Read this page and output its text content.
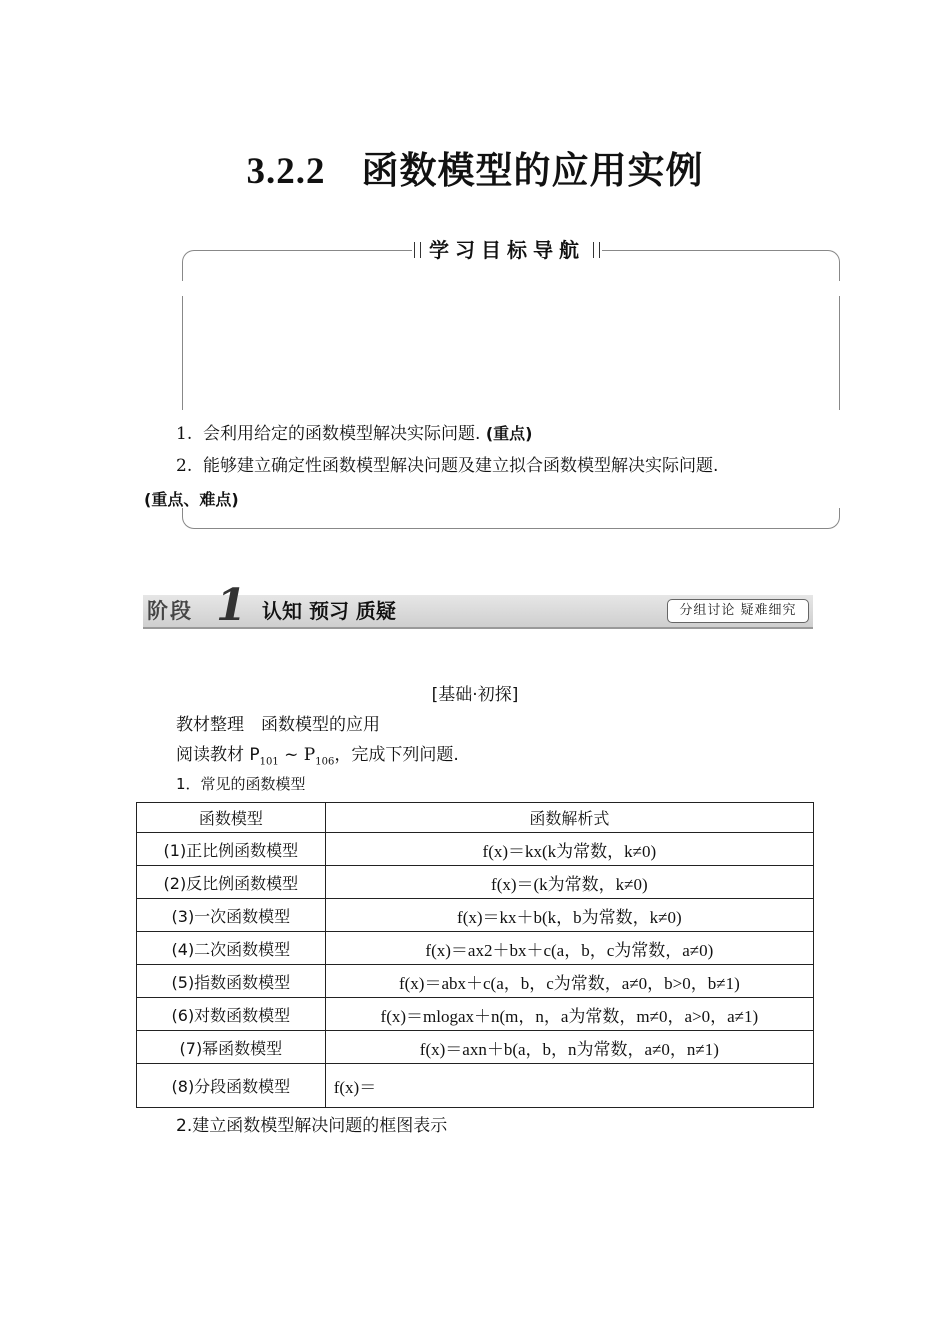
3.2.2 函数模型的应用实例
学习目标导航
1. 会利用给定的函数模型解决实际问题. (重点)
2. 能够建立确定性函数模型解决问题及建立拟合函数模型解决实际问题.
(重点、难点)
阶段 1 认知 预习 质疑	分组讨论 疑难细究
[基础·初探]
教材整理　函数模型的应用
阅读教材 $P_{101}$ ~ $P_{106}$，完成下列问题.
1．常见的函数模型
函数模型	函数解析式
(1)正比例函数模型	f(x)＝kx(k为常数，k≠0)
(2)反比例函数模型	f(x)＝(k为常数，k≠0)
(3)一次函数模型	f(x)＝kx＋b(k，b为常数，k≠0)
(4)二次函数模型	f(x)＝ax2＋bx＋c(a，b，c为常数，a≠0)
(5)指数函数模型	f(x)＝abx＋c(a，b，c为常数，a≠0，b>0，b≠1)
(6)对数函数模型	f(x)＝mlogax＋n(m，n，a为常数，m≠0，a>0，a≠1)
(7)幂函数模型	f(x)＝axn＋b(a，b，n为常数，a≠0，n≠1)
(8)分段函数模型	f(x)＝
2.建立函数模型解决问题的框图表示
